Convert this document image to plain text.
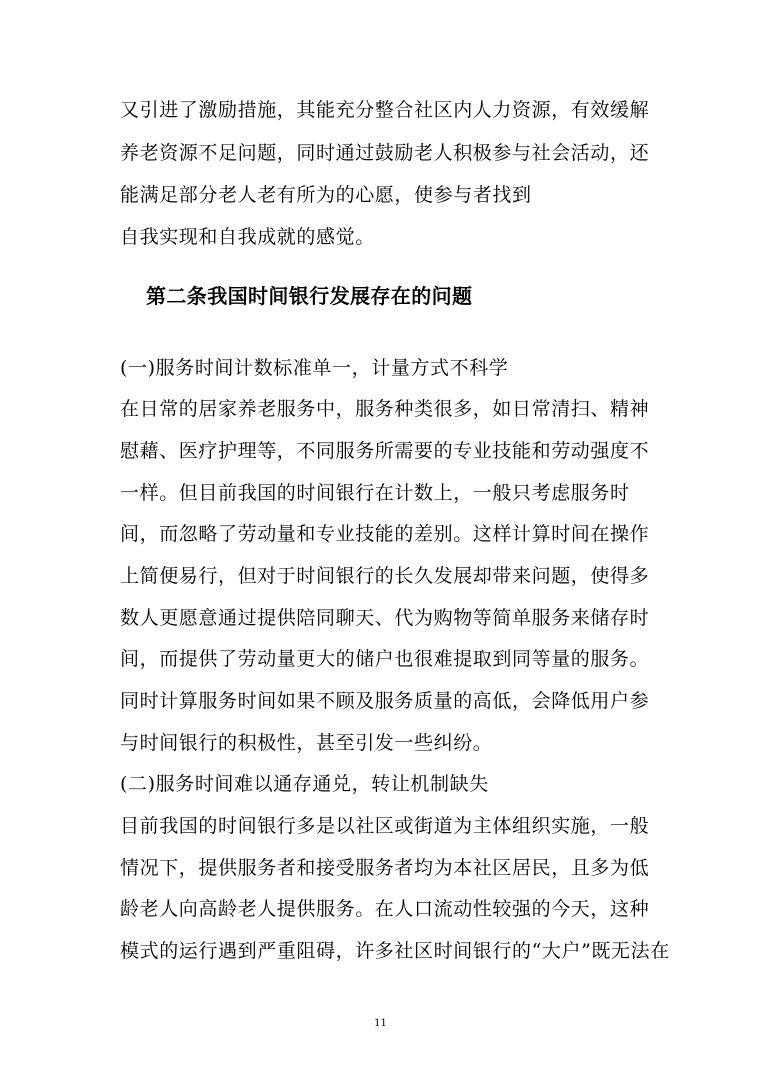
又引进了激励措施，其能充分整合社区内人力资源，有效缓解
养老资源不足问题，同时通过鼓励老人积极参与社会活动，还
能满足部分老人老有所为的心愿，使参与者找到
自我实现和自我成就的感觉。
第二条我国时间银行发展存在的问题
(一)服务时间计数标准单一，计量方式不科学
在日常的居家养老服务中，服务种类很多，如日常清扫、精神
慰藉、医疗护理等，不同服务所需要的专业技能和劳动强度不
一样。但目前我国的时间银行在计数上，一般只考虑服务时
间，而忽略了劳动量和专业技能的差别。这样计算时间在操作
上简便易行，但对于时间银行的长久发展却带来问题，使得多
数人更愿意通过提供陪同聊天、代为购物等简单服务来储存时
间，而提供了劳动量更大的储户也很难提取到同等量的服务。
同时计算服务时间如果不顾及服务质量的高低，会降低用户参
与时间银行的积极性，甚至引发一些纠纷。
(二)服务时间难以通存通兑，转让机制缺失
目前我国的时间银行多是以社区或街道为主体组织实施，一般
情况下，提供服务者和接受服务者均为本社区居民，且多为低
龄老人向高龄老人提供服务。在人口流动性较强的今天，这种
模式的运行遇到严重阻碍，许多社区时间银行的“大户”既无法在
11
